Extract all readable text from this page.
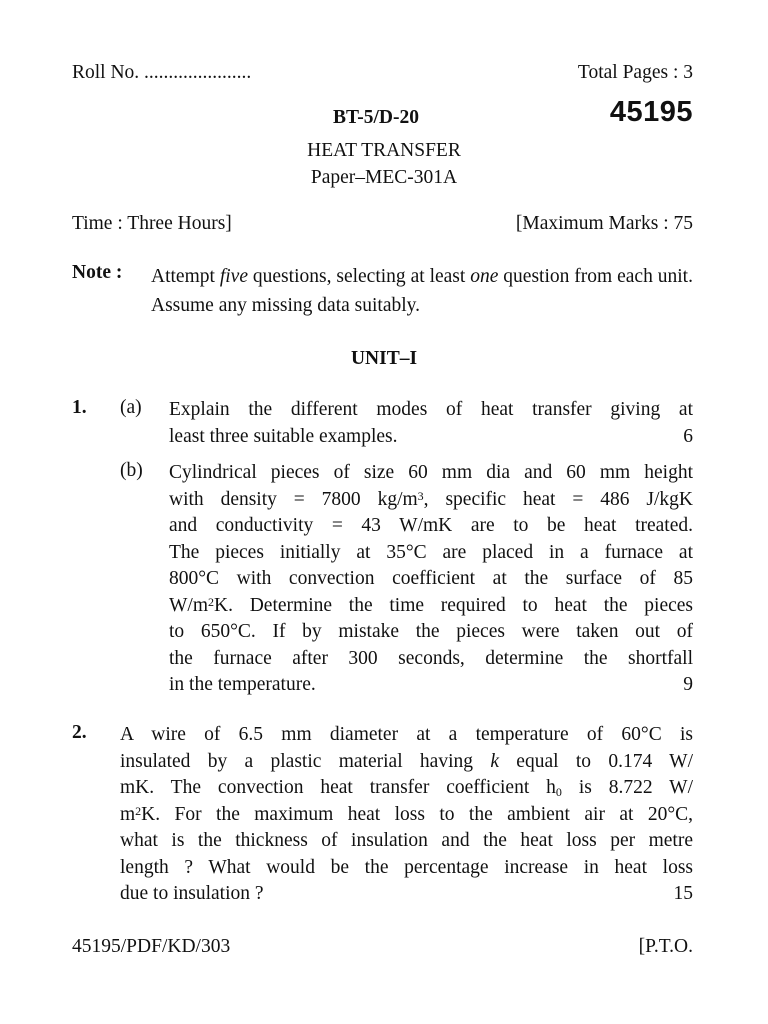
Roll No. ......................	Total Pages : 3
BT-5/D-20	45195
HEAT TRANSFER
Paper–MEC-301A
Time : Three Hours]	[Maximum Marks : 75
Note : Attempt five questions, selecting at least one question from each unit. Assume any missing data suitably.
UNIT–I
1. (a) Explain the different modes of heat transfer giving at
least three suitable examples.	6
(b) Cylindrical pieces of size 60 mm dia and 60 mm height
with density = 7800 $kg/m^3$, specific heat = 486 J/kgK
and conductivity = 43 W/mK are to be heat treated.
The pieces initially at 35°C are placed in a furnace at
800°C with convection coefficient at the surface of 85
$W/m^2K$. Determine the time required to heat the pieces
to 650°C. If by mistake the pieces were taken out of
the furnace after 300 seconds, determine the shortfall
in the temperature.	9
2. A wire of 6.5 mm diameter at a temperature of 60°C is
insulated by a plastic material having k equal to 0.174 W/
mK. The convection heat transfer coefficient $h_0$ is 8.722 W/
$m^2K$. For the maximum heat loss to the ambient air at 20°C,
what is the thickness of insulation and the heat loss per metre
length ? What would be the percentage increase in heat loss
due to insulation ?	15
45195/PDF/KD/303	[P.T.O.
